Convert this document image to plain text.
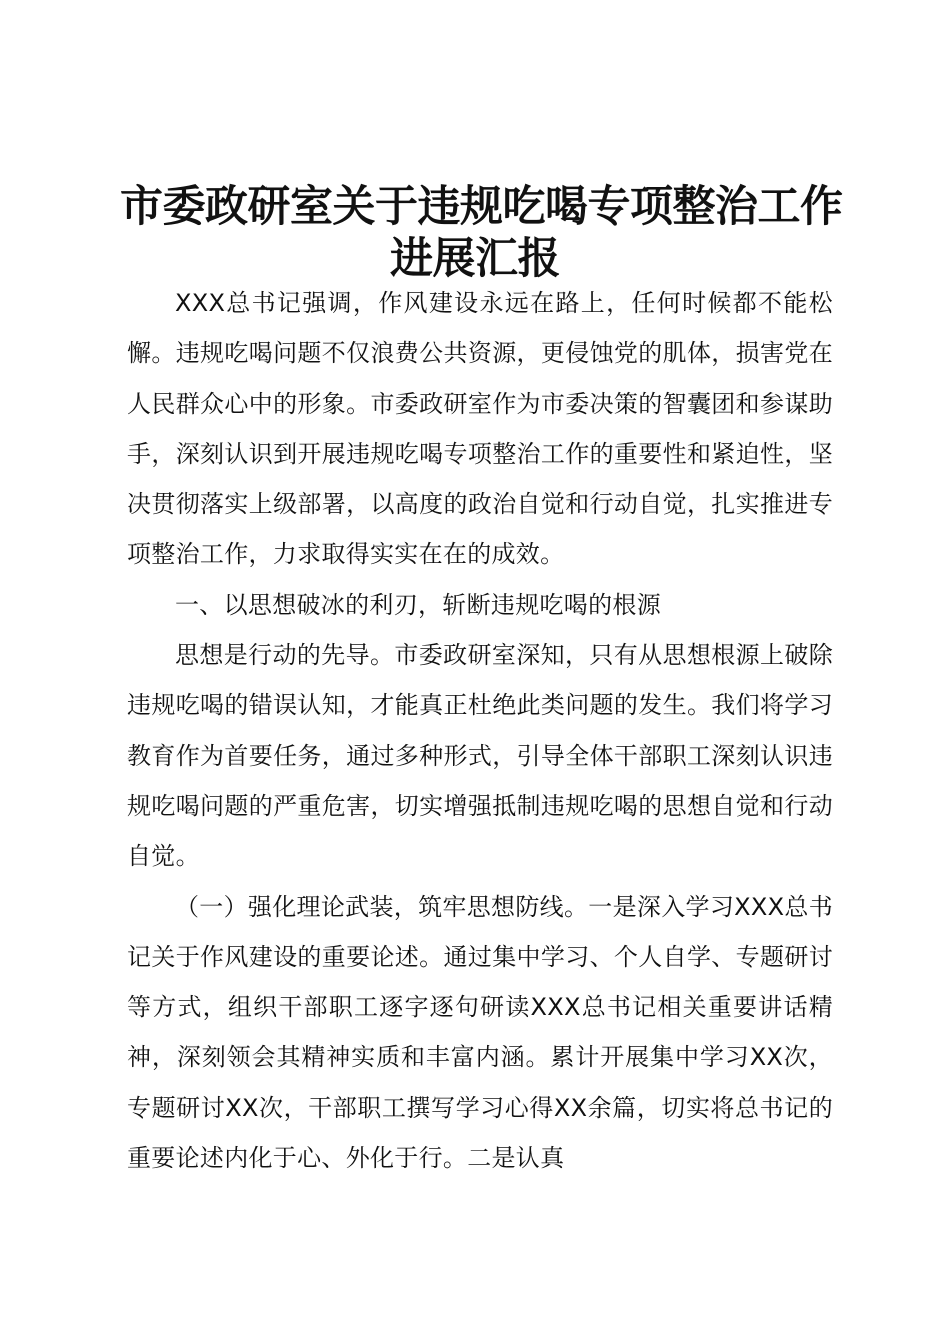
市委政研室关于违规吃喝专项整治工作
进展汇报

XXX总书记强调，作风建设永远在路上，任何时候都不能松懈。违规吃喝问题不仅浪费公共资源，更侵蚀党的肌体，损害党在人民群众心中的形象。市委政研室作为市委决策的智囊团和参谋助手，深刻认识到开展违规吃喝专项整治工作的重要性和紧迫性，坚决贯彻落实上级部署，以高度的政治自觉和行动自觉，扎实推进专项整治工作，力求取得实实在在的成效。

一、以思想破冰的利刃，斩断违规吃喝的根源

思想是行动的先导。市委政研室深知，只有从思想根源上破除违规吃喝的错误认知，才能真正杜绝此类问题的发生。我们将学习教育作为首要任务，通过多种形式，引导全体干部职工深刻认识违规吃喝问题的严重危害，切实增强抵制违规吃喝的思想自觉和行动自觉。

（一）强化理论武装，筑牢思想防线。一是深入学习XXX总书记关于作风建设的重要论述。通过集中学习、个人自学、专题研讨等方式，组织干部职工逐字逐句研读XXX总书记相关重要讲话精神，深刻领会其精神实质和丰富内涵。累计开展集中学习XX次，专题研讨XX次，干部职工撰写学习心得XX余篇，切实将总书记的重要论述内化于心、外化于行。二是认真
